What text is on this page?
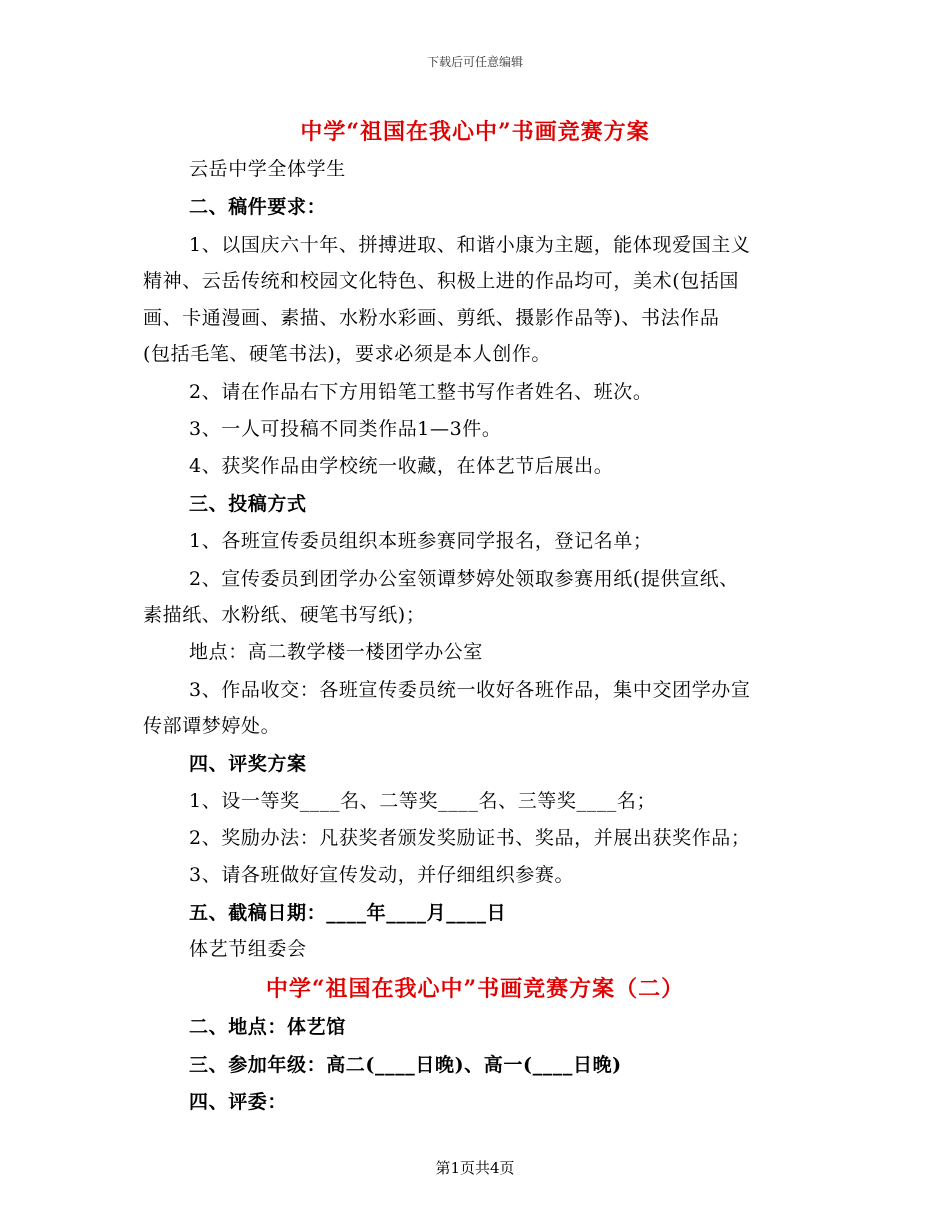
下载后可任意编辑
中学“祖国在我心中”书画竞赛方案

云岳中学全体学生

二、稿件要求：

1、以国庆六十年、拼搏进取、和谐小康为主题，能体现爱国主义

精神、云岳传统和校园文化特色、积极上进的作品均可，美术(包括国

画、卡通漫画、素描、水粉水彩画、剪纸、摄影作品等)、书法作品

(包括毛笔、硬笔书法)，要求必须是本人创作。

2、请在作品右下方用铅笔工整书写作者姓名、班次。

3、一人可投稿不同类作品1—3件。

4、获奖作品由学校统一收藏，在体艺节后展出。

三、投稿方式

1、各班宣传委员组织本班参赛同学报名，登记名单；

2、宣传委员到团学办公室领谭梦婷处领取参赛用纸(提供宣纸、

素描纸、水粉纸、硬笔书写纸)；

地点：高二教学楼一楼团学办公室

3、作品收交：各班宣传委员统一收好各班作品，集中交团学办宣

传部谭梦婷处。

四、评奖方案

1、设一等奖____名、二等奖____名、三等奖____名；

2、奖励办法：凡获奖者颁发奖励证书、奖品，并展出获奖作品；

3、请各班做好宣传发动，并仔细组织参赛。

五、截稿日期：____年____月____日

体艺节组委会

中学“祖国在我心中”书画竞赛方案（二）

二、地点：体艺馆

三、参加年级：高二(____日晚)、高一(____日晚)

四、评委：

第1页共4页
